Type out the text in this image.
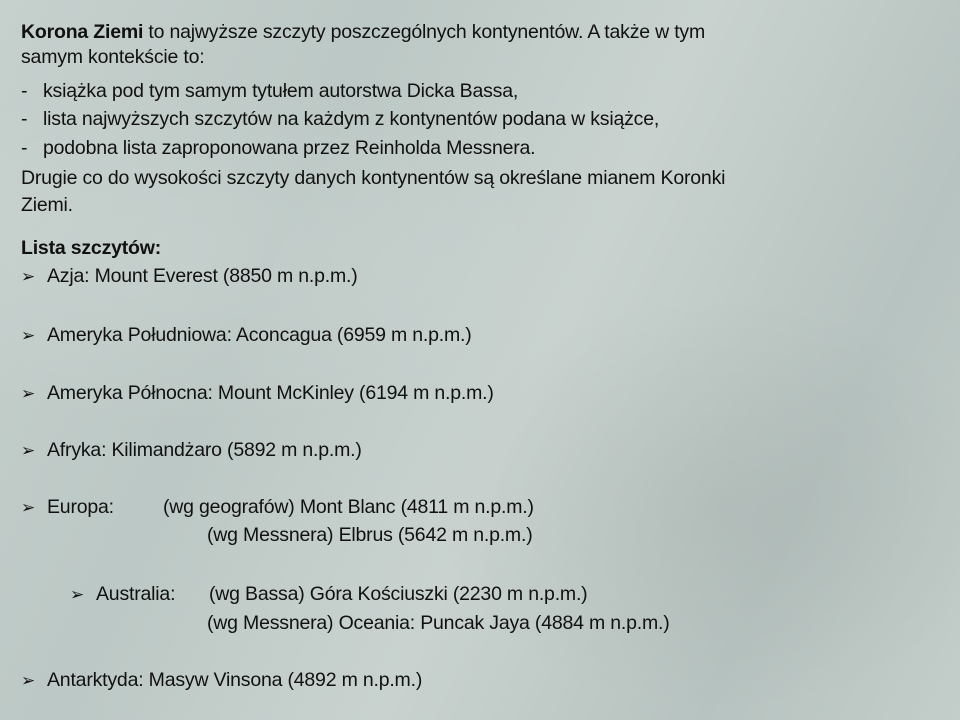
Korona Ziemi to najwyższe szczyty poszczególnych kontynentów. A także w tym
samym kontekście to:
- książka pod tym samym tytułem autorstwa Dicka Bassa,
- lista najwyższych szczytów na każdym z kontynentów podana w książce,
- podobna lista zaproponowana przez Reinholda Messnera.
Drugie co do wysokości szczyty danych kontynentów są określane mianem Koronki
Ziemi.
Lista szczytów:
➢ Azja: Mount Everest (8850 m n.p.m.)
➢ Ameryka Południowa: Aconcagua (6959 m n.p.m.)
➢ Ameryka Północna: Mount McKinley (6194 m n.p.m.)
➢ Afryka: Kilimandżaro (5892 m n.p.m.)
➢ Europa:	(wg geografów) Mont Blanc (4811 m n.p.m.)
(wg Messnera) Elbrus (5642 m n.p.m.)
➢ Australia: (wg Bassa) Góra Kościuszki (2230 m n.p.m.)
(wg Messnera) Oceania: Puncak Jaya (4884 m n.p.m.)
➢ Antarktyda: Masyw Vinsona (4892 m n.p.m.)
